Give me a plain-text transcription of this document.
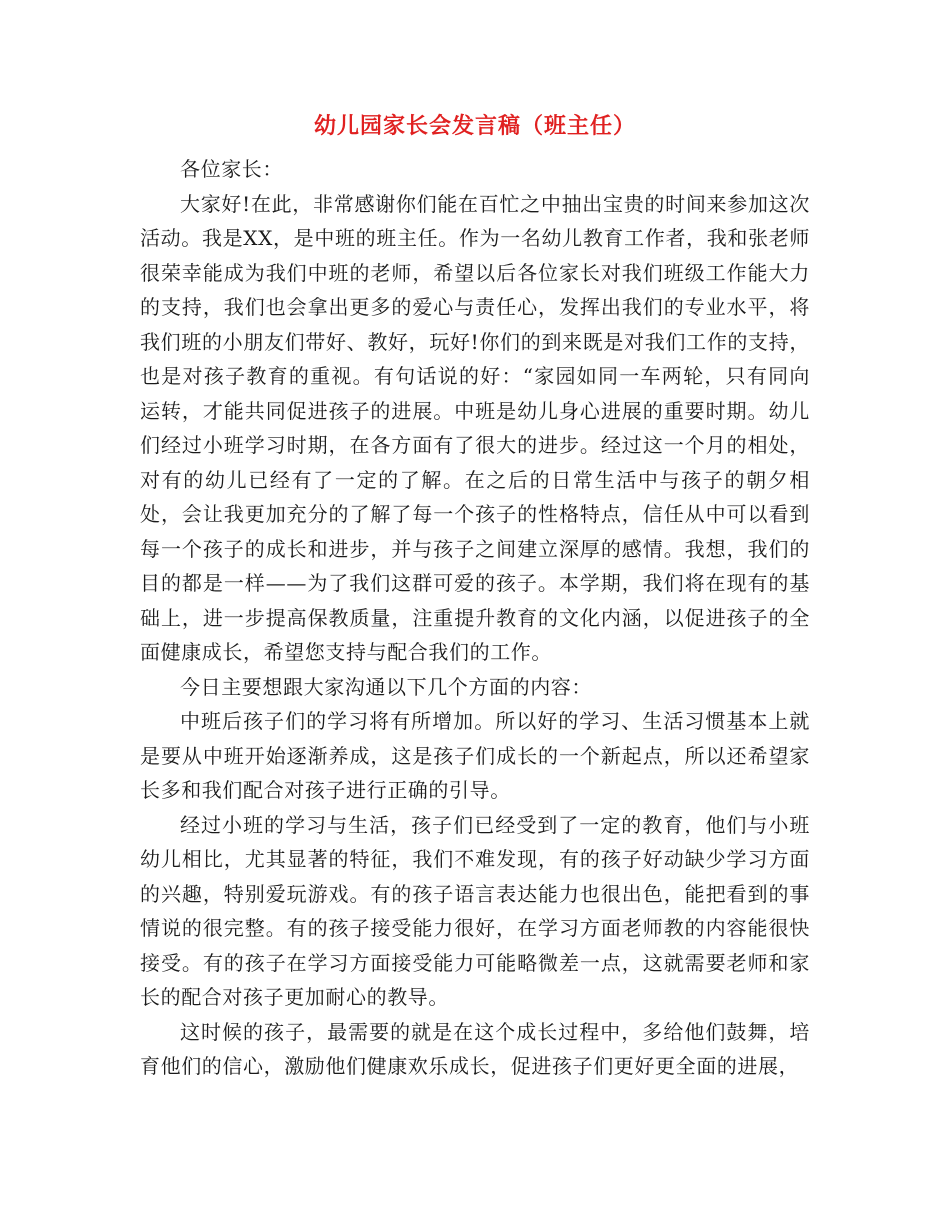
幼儿园家长会发言稿（班主任）

各位家长：

大家好!在此，非常感谢你们能在百忙之中抽出宝贵的时间来参加这次活动。我是XX，是中班的班主任。作为一名幼儿教育工作者，我和张老师很荣幸能成为我们中班的老师，希望以后各位家长对我们班级工作能大力的支持，我们也会拿出更多的爱心与责任心，发挥出我们的专业水平，将我们班的小朋友们带好、教好，玩好!你们的到来既是对我们工作的支持，也是对孩子教育的重视。有句话说的好：“家园如同一车两轮，只有同向运转，才能共同促进孩子的进展。中班是幼儿身心进展的重要时期。幼儿们经过小班学习时期，在各方面有了很大的进步。经过这一个月的相处，对有的幼儿已经有了一定的了解。在之后的日常生活中与孩子的朝夕相处，会让我更加充分的了解了每一个孩子的性格特点，信任从中可以看到每一个孩子的成长和进步，并与孩子之间建立深厚的感情。我想，我们的目的都是一样——为了我们这群可爱的孩子。本学期，我们将在现有的基础上，进一步提高保教质量，注重提升教育的文化内涵，以促进孩子的全面健康成长，希望您支持与配合我们的工作。

今日主要想跟大家沟通以下几个方面的内容：

中班后孩子们的学习将有所增加。所以好的学习、生活习惯基本上就是要从中班开始逐渐养成，这是孩子们成长的一个新起点，所以还希望家长多和我们配合对孩子进行正确的引导。

经过小班的学习与生活，孩子们已经受到了一定的教育，他们与小班幼儿相比，尤其显著的特征，我们不难发现，有的孩子好动缺少学习方面的兴趣，特别爱玩游戏。有的孩子语言表达能力也很出色，能把看到的事情说的很完整。有的孩子接受能力很好，在学习方面老师教的内容能很快接受。有的孩子在学习方面接受能力可能略微差一点，这就需要老师和家长的配合对孩子更加耐心的教导。

这时候的孩子，最需要的就是在这个成长过程中，多给他们鼓舞，培育他们的信心，激励他们健康欢乐成长，促进孩子们更好更全面的进展，
